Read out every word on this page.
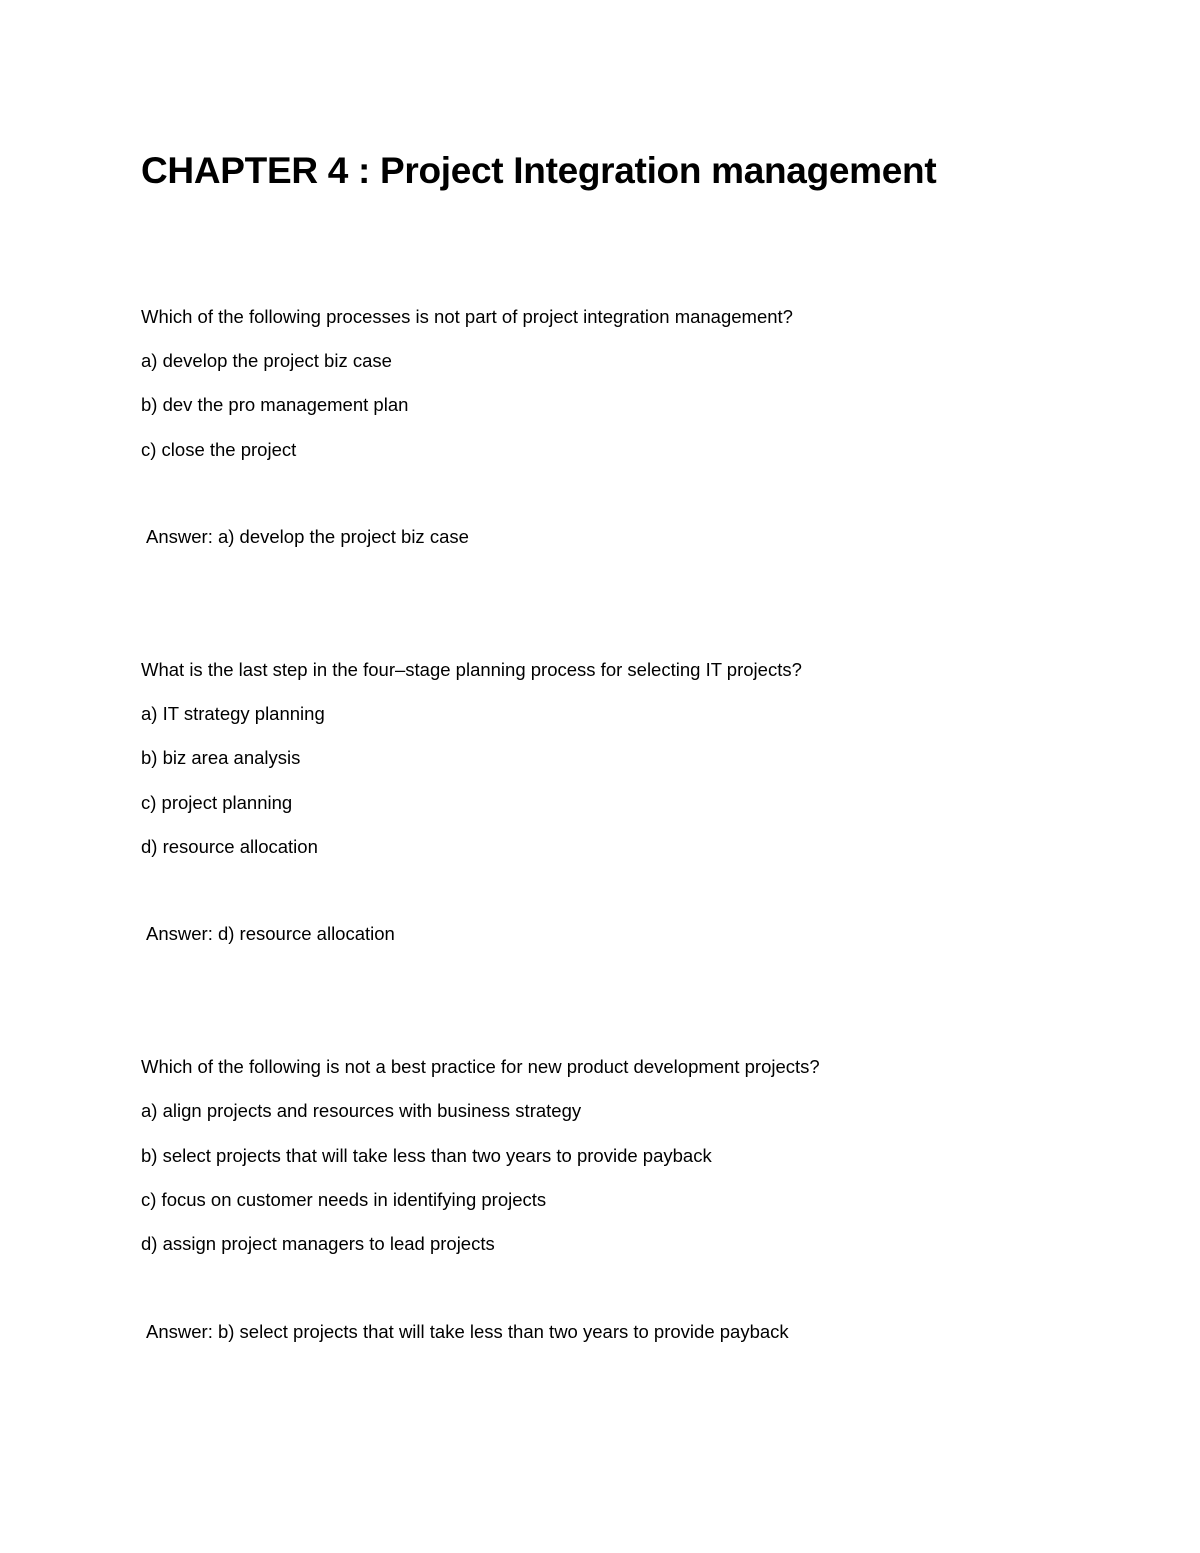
CHAPTER 4 : Project Integration management

Which of the following processes is not part of project integration management?

a) develop the project biz case

b) dev the pro management plan

c) close the project

Answer: a) develop the project biz case

What is the last step in the four–stage planning process for selecting IT projects?

a) IT strategy planning

b) biz area analysis

c) project planning

d) resource allocation

Answer: d) resource allocation

Which of the following is not a best practice for new product development projects?

a) align projects and resources with business strategy

b) select projects that will take less than two years to provide payback

c) focus on customer needs in identifying projects

d) assign project managers to lead projects

Answer: b) select projects that will take less than two years to provide payback
